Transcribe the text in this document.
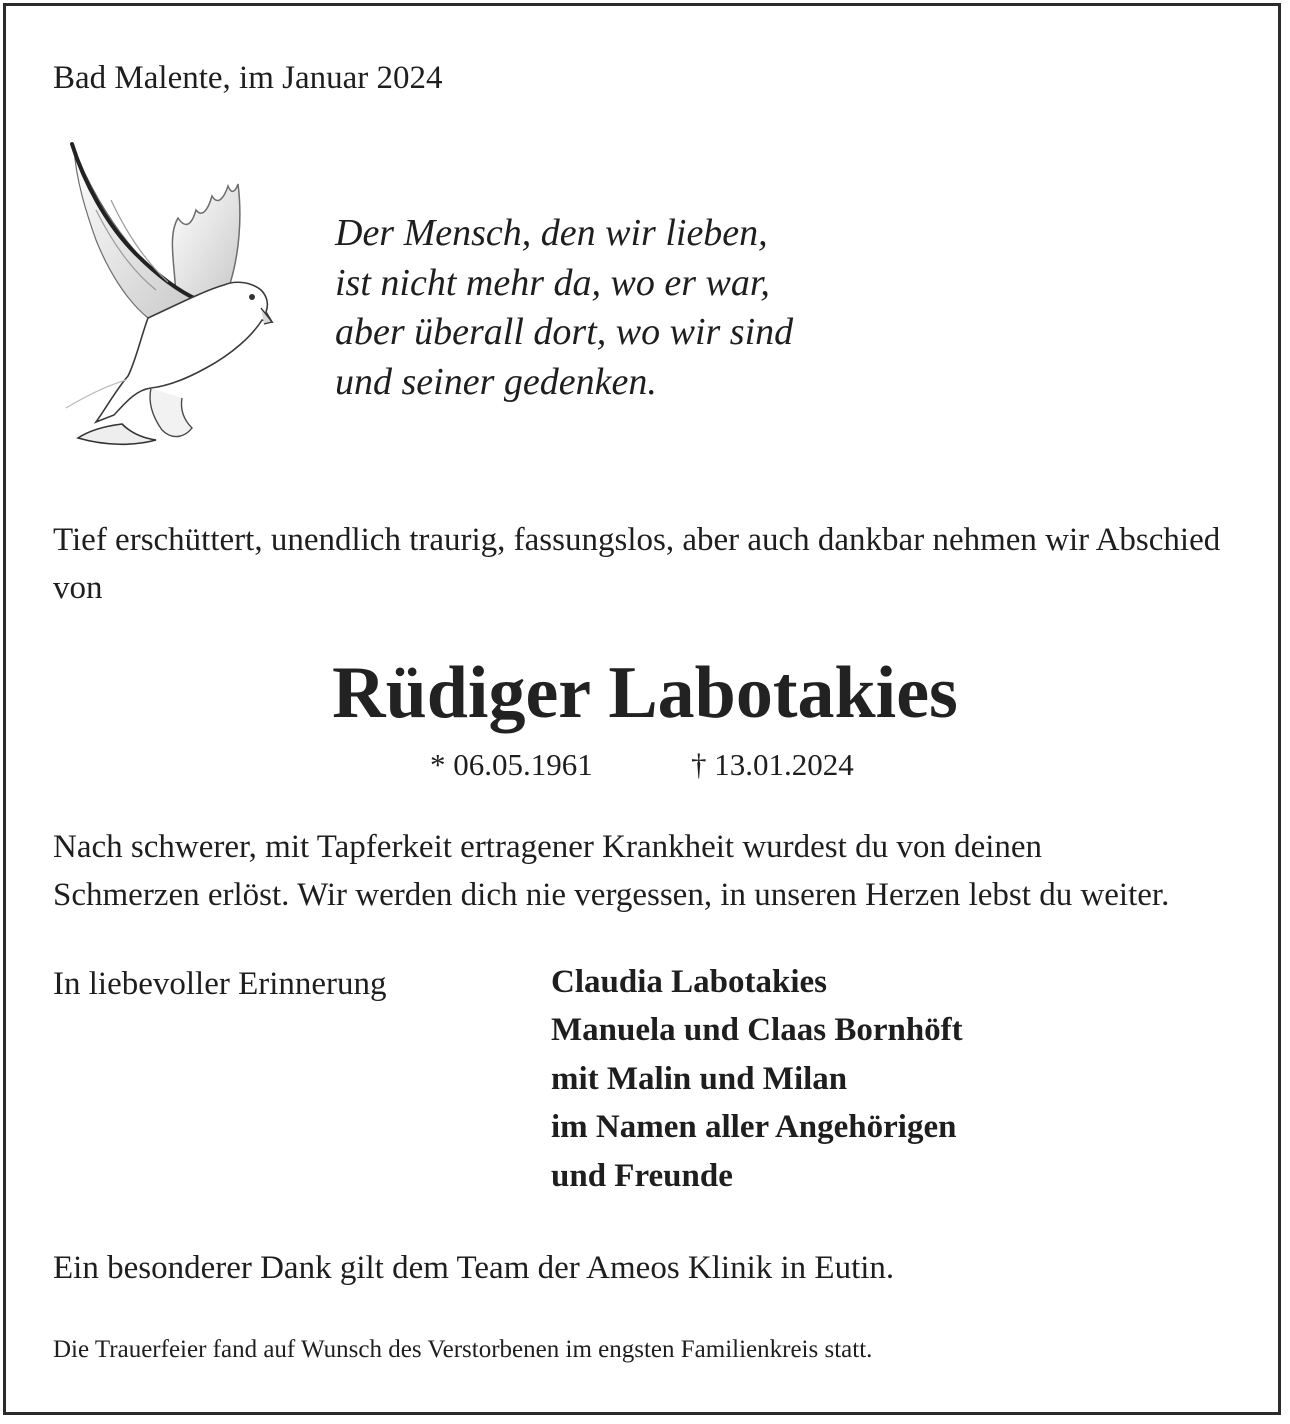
Bad Malente, im Januar 2024
Der Mensch, den wir lieben,
ist nicht mehr da, wo er war,
aber überall dort, wo wir sind
und seiner gedenken.
Tief erschüttert, unendlich traurig, fassungslos, aber auch dankbar nehmen wir Abschied von
Rüdiger Labotakies
* 06.05.1961	† 13.01.2024
Nach schwerer, mit Tapferkeit ertragener Krankheit wurdest du von deinen
Schmerzen erlöst. Wir werden dich nie vergessen, in unseren Herzen lebst du weiter.
In liebevoller Erinnerung	Claudia Labotakies
Manuela und Claas Bornhöft
mit Malin und Milan
im Namen aller Angehörigen
und Freunde
Ein besonderer Dank gilt dem Team der Ameos Klinik in Eutin.
Die Trauerfeier fand auf Wunsch des Verstorbenen im engsten Familienkreis statt.
